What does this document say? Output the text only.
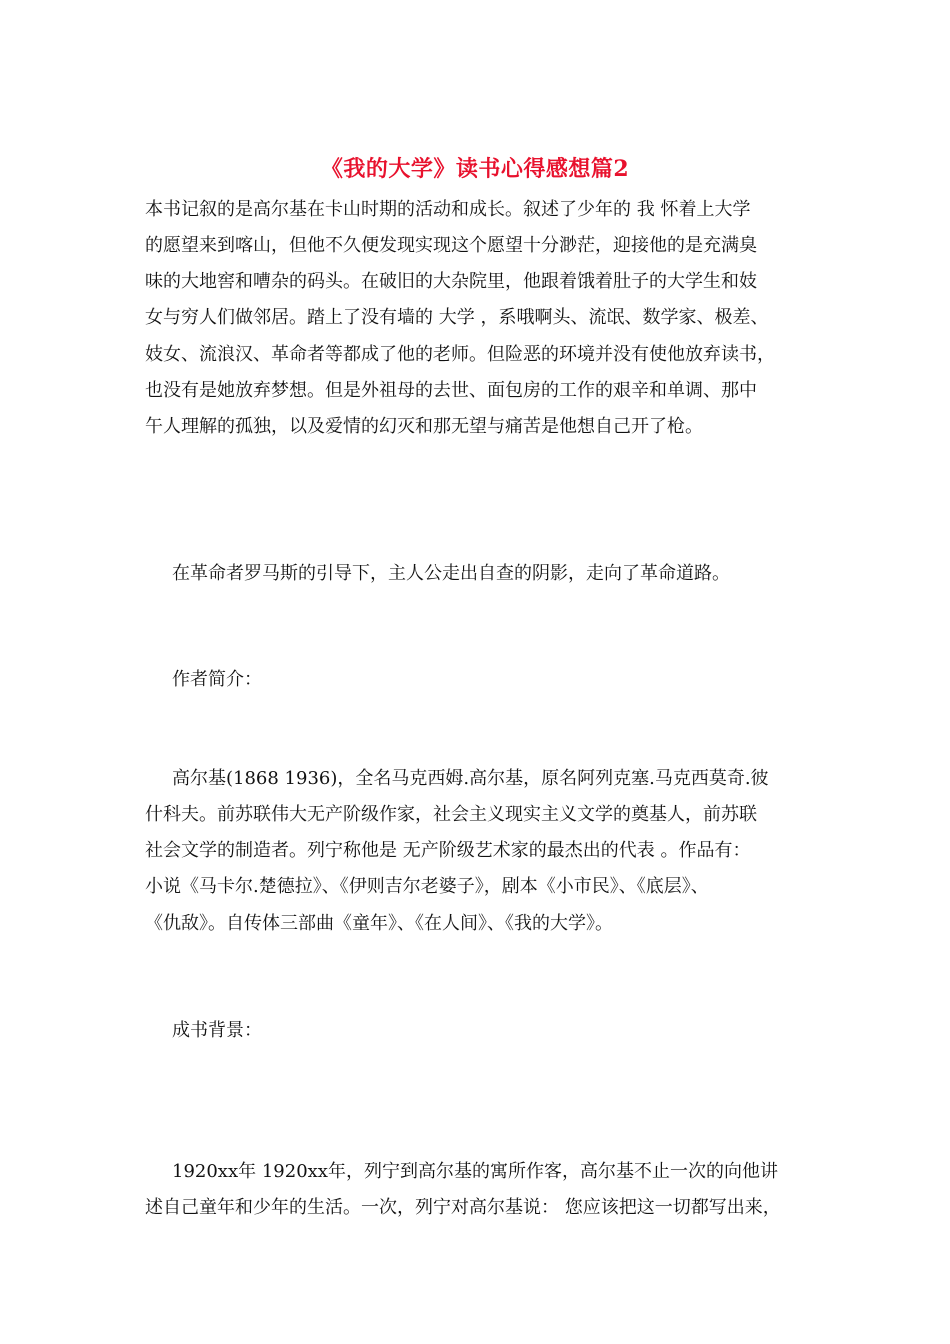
《我的大学》读书心得感想篇2
本书记叙的是高尔基在卡山时期的活动和成长。叙述了少年的 我 怀着上大学
的愿望来到喀山，但他不久便发现实现这个愿望十分渺茫，迎接他的是充满臭
味的大地窖和嘈杂的码头。在破旧的大杂院里，他跟着饿着肚子的大学生和妓
女与穷人们做邻居。踏上了没有墙的 大学 ，系哦啊头、流氓、数学家、极差、
妓女、流浪汉、革命者等都成了他的老师。但险恶的环境并没有使他放弃读书，
也没有是她放弃梦想。但是外祖母的去世、面包房的工作的艰辛和单调、那中
午人理解的孤独，以及爱情的幻灭和那无望与痛苦是他想自己开了枪。
在革命者罗马斯的引导下，主人公走出自查的阴影，走向了革命道路。
作者简介：
高尔基(1868 1936)，全名马克西姆.高尔基，原名阿列克塞.马克西莫奇.彼
什科夫。前苏联伟大无产阶级作家，社会主义现实主义文学的奠基人，前苏联
社会文学的制造者。列宁称他是 无产阶级艺术家的最杰出的代表 。作品有：
小说《马卡尔.楚德拉》、《伊则吉尔老婆子》，剧本《小市民》、《底层》、
《仇敌》。自传体三部曲《童年》、《在人间》、《我的大学》。
成书背景：
1920xx年 1920xx年，列宁到高尔基的寓所作客，高尔基不止一次的向他讲
述自己童年和少年的生活。一次，列宁对高尔基说： 您应该把这一切都写出来，
